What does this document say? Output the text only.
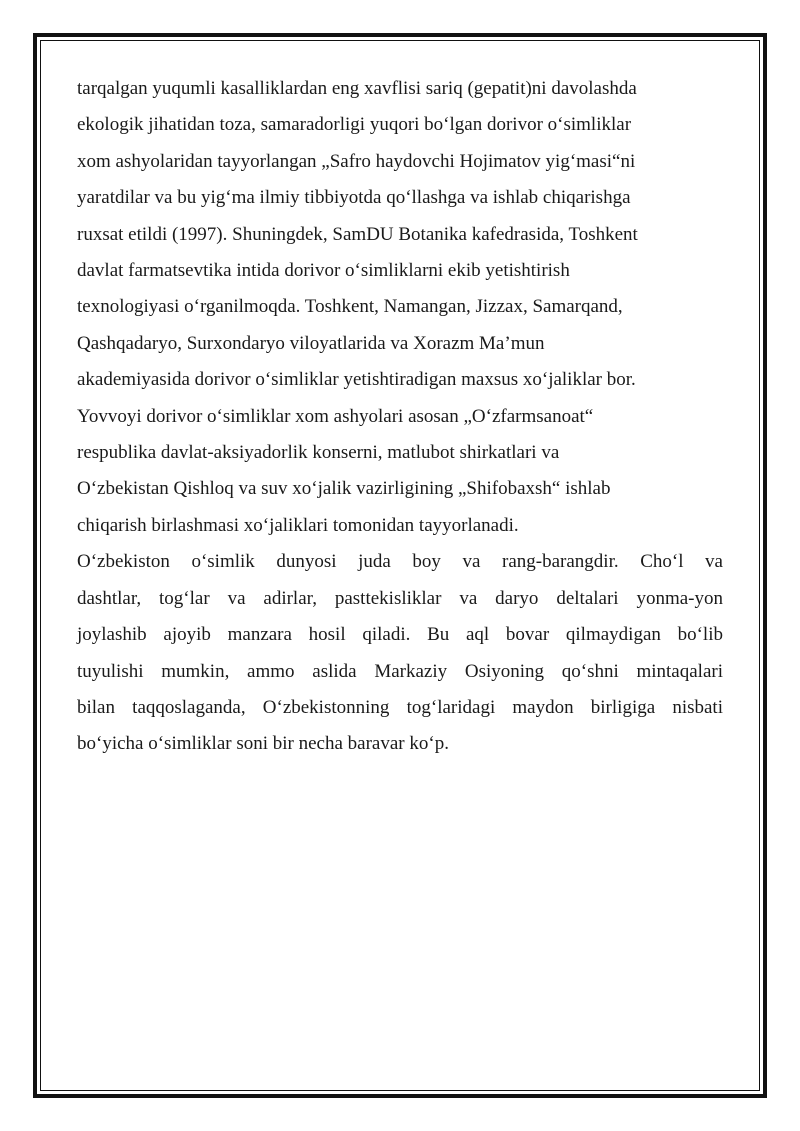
tarqalgan yuqumli kasalliklardan eng xavflisi sariq (gepatit)ni davolashda
ekologik jihatidan toza, samaradorligi yuqori bo‘lgan dorivor o‘simliklar
xom ashyolaridan tayyorlangan „Safro haydovchi Hojimatov yig‘masi“ni
yaratdilar va bu yig‘ma ilmiy tibbiyotda qo‘llashga va ishlab chiqarishga
ruxsat etildi (1997). Shuningdek, SamDU Botanika kafedrasida, Toshkent
davlat farmatsevtika intida dorivor o‘simliklarni ekib yetishtirish
texnologiyasi o‘rganilmoqda. Toshkent, Namangan, Jizzax, Samarqand,
Qashqadaryo, Surxondaryo viloyatlarida va Xorazm Ma’mun
akademiyasida dorivor o‘simliklar yetishtiradigan maxsus xo‘jaliklar bor.
Yovvoyi dorivor o‘simliklar xom ashyolari asosan „O‘zfarmsanoat“
respublika davlat-aksiyadorlik konserni, matlubot shirkatlari va
O‘zbekistan Qishloq va suv xo‘jalik vazirligining „Shifobaxsh“ ishlab
chiqarish birlashmasi xo‘jaliklari tomonidan tayyorlanadi.
O‘zbekiston o‘simlik dunyosi juda boy va rang-barangdir. Cho‘l va
dashtlar, tog‘lar va adirlar, pasttekisliklar va daryo deltalari yonma-yon
joylashib ajoyib manzara hosil qiladi. Bu aql bovar qilmaydigan bo‘lib
tuyulishi mumkin, ammo aslida Markaziy Osiyoning qo‘shni mintaqalari
bilan taqqoslaganda, O‘zbekistonning tog‘laridagi maydon birligiga nisbati
bo‘yicha o‘simliklar soni bir necha baravar ko‘p.
